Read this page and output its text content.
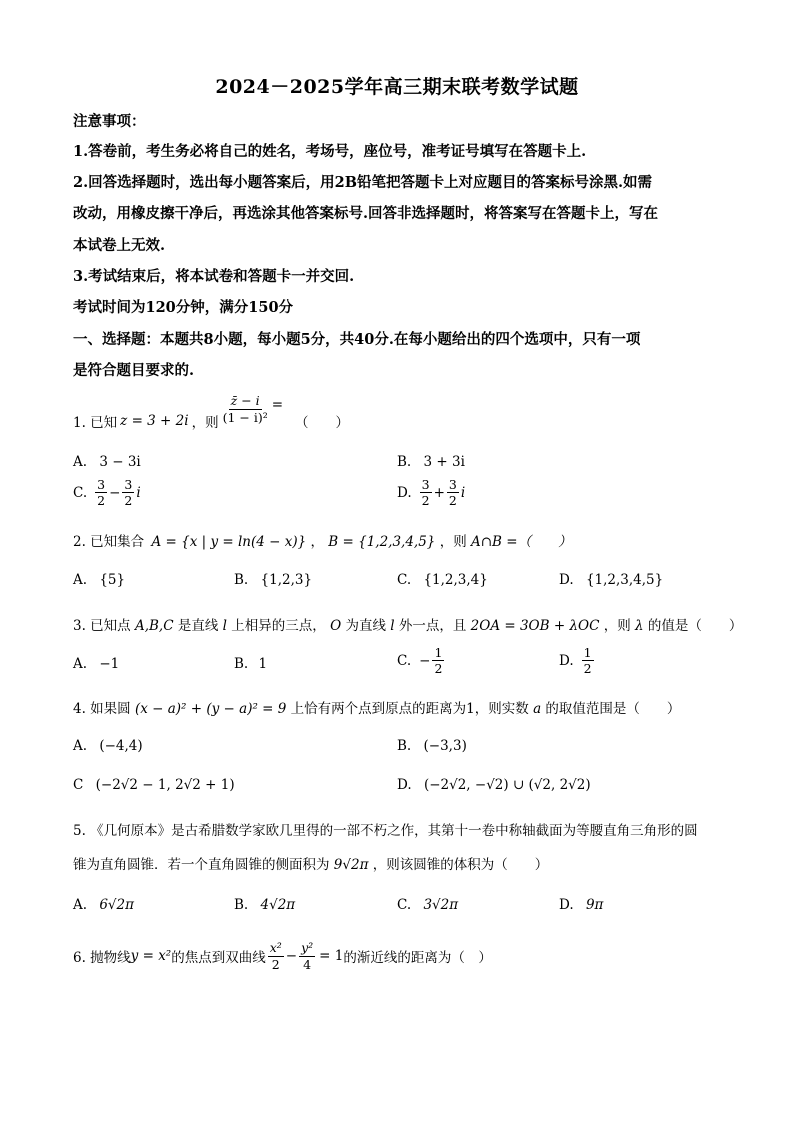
2024－2025学年高三期末联考数学试题
注意事项：
1.答卷前，考生务必将自己的姓名，考场号，座位号，准考证号填写在答题卡上.
2.回答选择题时，选出每小题答案后，用2B铅笔把答题卡上对应题目的答案标号涂黑.如需
改动，用橡皮擦干净后，再选涂其他答案标号.回答非选择题时，将答案写在答题卡上，写在
本试卷上无效.
3.考试结束后，将本试卷和答题卡一并交回.
考试时间为120分钟，满分150分
一、选择题：本题共8小题，每小题5分，共40分.在每小题给出的四个选项中，只有一项
是符合题目要求的.
1. 已知 z = 3 + 2i ，则 $\frac{z̄ - i}{\text{(1 − i)²}}$ =
（　　）
A. 3 − 3i	B. 3 + 3i
C. $\frac{3}{2} - \frac{3}{2}$ i	D. $\frac{3}{2} + \frac{3}{2}$ i
2. 已知集合 A = {x | y = ln(4 − x)} ， B = {1,2,3,4,5} ，则 A∩B =（　　）
A. {5}	B. {1,2,3}	C. {1,2,3,4}	D. {1,2,3,4,5}
3. 已知点 A,B,C 是直线 l 上相异的三点， O 为直线 l 外一点，且 2OA = 3OB + λOC ，则 λ 的值是（　　）
A. −1	B. 1	C. − $\frac{1}{2}$	D. $\frac{1}{2}$
4. 如果圆 (x − a)² + (y − a)² = 9 上恰有两个点到原点的距离为1，则实数 a 的取值范围是（　　）
A. (−4,4)	B. (−3,3)
C (−2√2 − 1, 2√2 + 1)	D. (−2√2, −√2) ∪ (√2, 2√2)
5. 《几何原本》是古希腊数学家欧几里得的一部不朽之作，其第十一卷中称轴截面为等腰直角三角形的圆
锥为直角圆锥．若一个直角圆锥的侧面积为 9√2π ，则该圆锥的体积为（　　）
A. 6√2π	B. 4√2π	C. 3√2π	D. 9π
6. 抛物线 y = x² 的焦点到双曲线 $\frac{\text{x²}}{2} - \frac{\text{y²}}{4} = 1$ 的渐近线的距离为（　）
